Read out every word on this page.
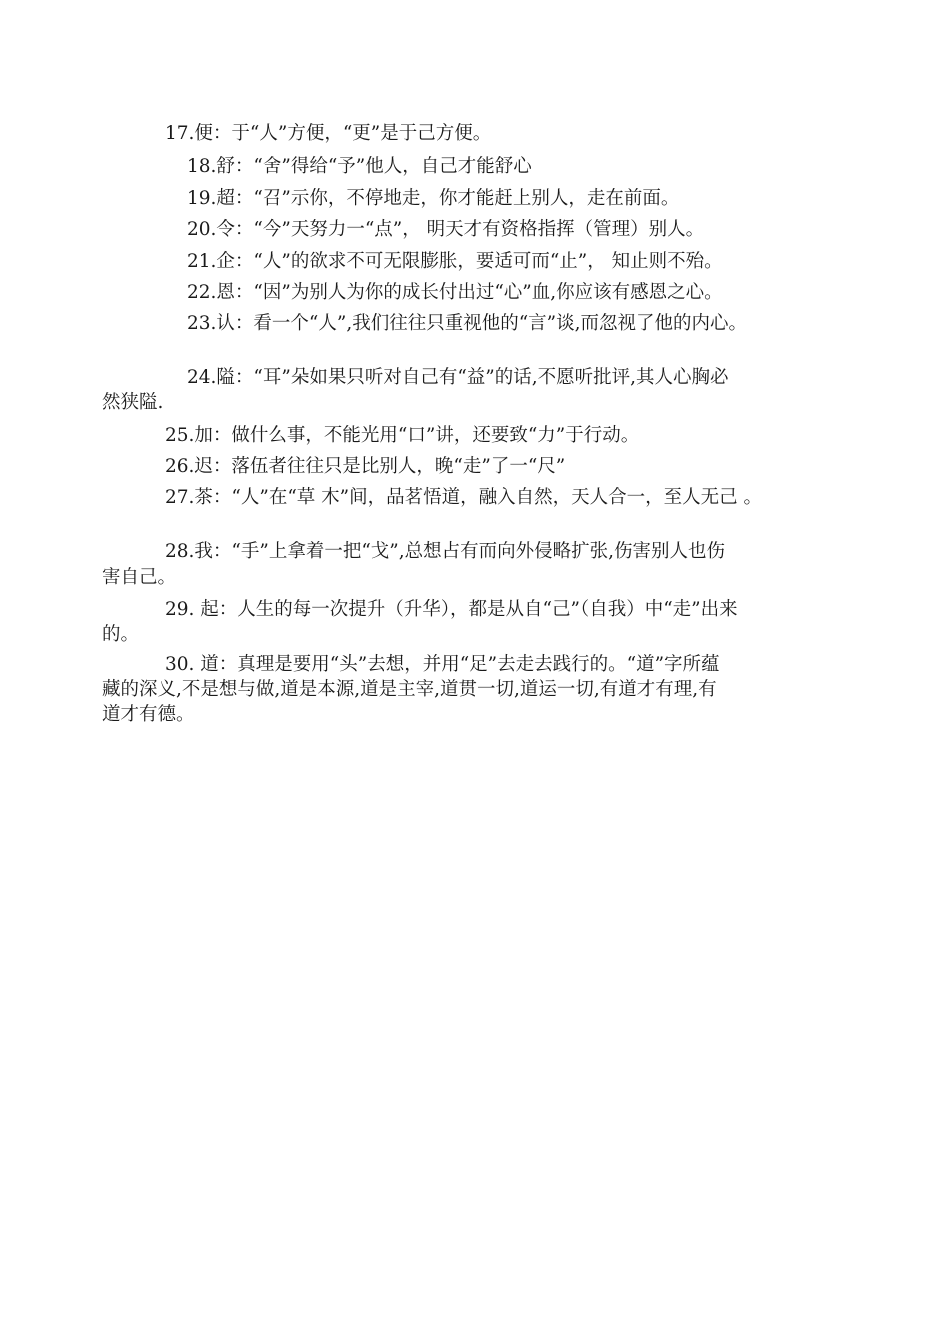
17.便：于“人”方便，“更”是于己方便。
18.舒：“舍”得给“予”他人，自己才能舒心
19.超：“召”示你，不停地走，你才能赶上别人，走在前面。
20.令：“今”天努力一“点”， 明天才有资格指挥（管理）别人。
21.企：“人”的欲求不可无限膨胀，要适可而“止”， 知止则不殆。
22.恩：“因”为别人为你的成长付出过“心”血,你应该有感恩之心。
23.认：看一个“人”,我们往往只重视他的“言”谈,而忽视了他的内心。
24.隘：“耳”朵如果只听对自己有“益”的话,不愿听批评,其人心胸必
然狭隘.
25.加：做什么事，不能光用“口”讲，还要致“力”于行动。
26.迟：落伍者往往只是比别人，晚“走”了一“尺”
27.茶：“人”在“草 木”间，品茗悟道，融入自然，天人合一，至人无己 。
28.我：“手”上拿着一把“戈”,总想占有而向外侵略扩张,伤害别人也伤
害自己。
29. 起：人生的每一次提升（升华），都是从自“己”（自我）中“走”出来
的。
30. 道：真理是要用“头”去想，并用“足”去走去践行的。“道”字所蕴
藏的深义,不是想与做,道是本源,道是主宰,道贯一切,道运一切,有道才有理,有
道才有德。
